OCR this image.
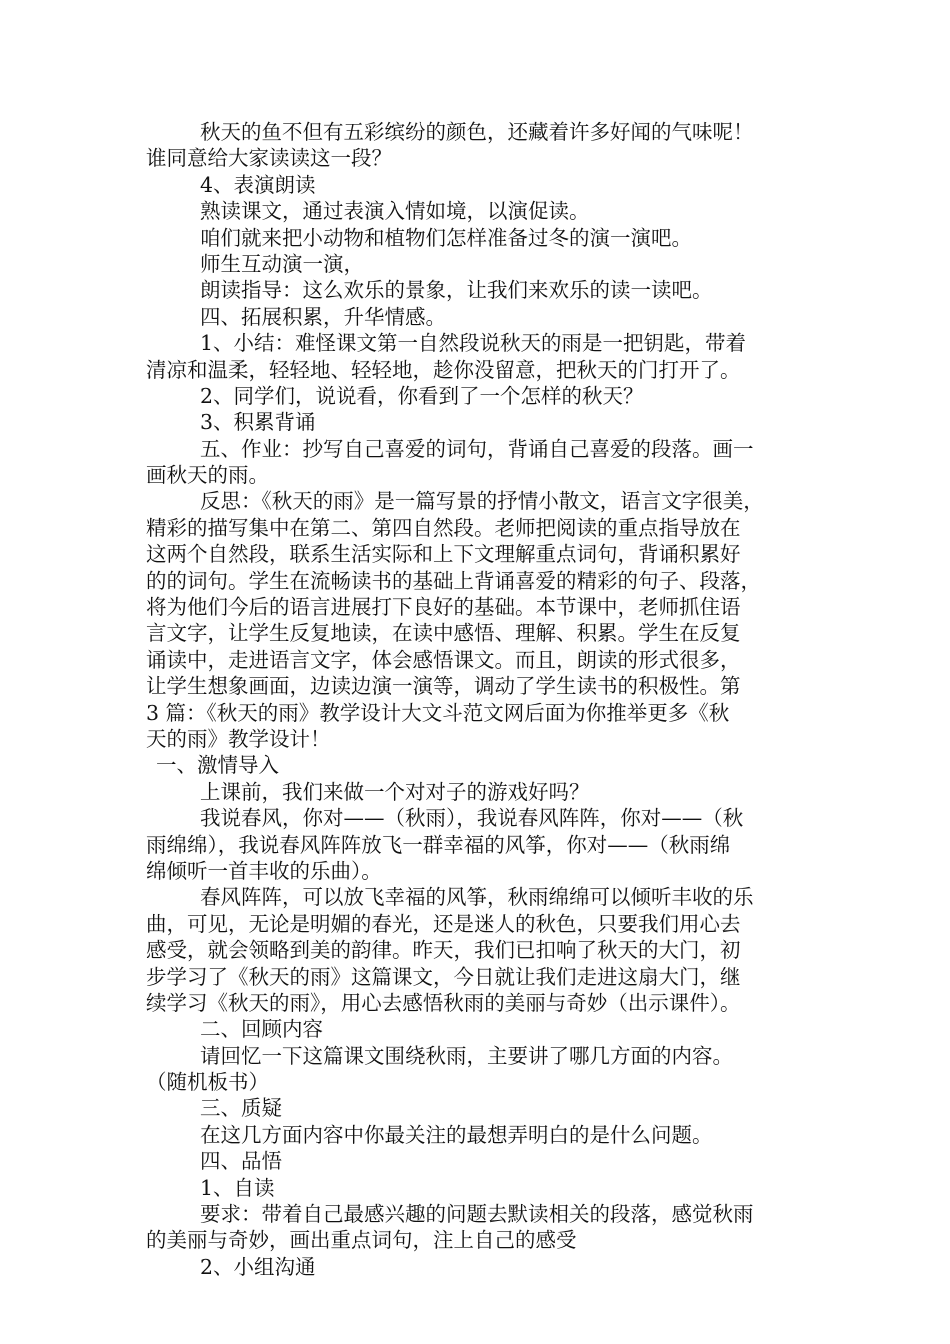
秋天的鱼不但有五彩缤纷的颜色，还藏着许多好闻的气味呢！
谁同意给大家读读这一段？
4、表演朗读
熟读课文，通过表演入情如境，以演促读。
咱们就来把小动物和植物们怎样准备过冬的演一演吧。
师生互动演一演，
朗读指导：这么欢乐的景象，让我们来欢乐的读一读吧。
四、拓展积累，升华情感。
1、小结：难怪课文第一自然段说秋天的雨是一把钥匙，带着
清凉和温柔，轻轻地、轻轻地，趁你没留意，把秋天的门打开了。
2、同学们，说说看，你看到了一个怎样的秋天？
3、积累背诵
五、作业：抄写自己喜爱的词句，背诵自己喜爱的段落。画一
画秋天的雨。
反思：《秋天的雨》是一篇写景的抒情小散文，语言文字很美，
精彩的描写集中在第二、第四自然段。老师把阅读的重点指导放在
这两个自然段，联系生活实际和上下文理解重点词句，背诵积累好
的的词句。学生在流畅读书的基础上背诵喜爱的精彩的句子、段落，
将为他们今后的语言进展打下良好的基础。本节课中，老师抓住语
言文字，让学生反复地读，在读中感悟、理解、积累。学生在反复
诵读中，走进语言文字，体会感悟课文。而且，朗读的形式很多，
让学生想象画面，边读边演一演等，调动了学生读书的积极性。第
3 篇：《秋天的雨》教学设计大文斗范文网后面为你推举更多《秋
天的雨》教学设计！
一、激情导入
上课前，我们来做一个对对子的游戏好吗？
我说春风，你对——（秋雨），我说春风阵阵，你对——（秋
雨绵绵），我说春风阵阵放飞一群幸福的风筝，你对——（秋雨绵
绵倾听一首丰收的乐曲）。
春风阵阵，可以放飞幸福的风筝，秋雨绵绵可以倾听丰收的乐
曲，可见，无论是明媚的春光，还是迷人的秋色，只要我们用心去
感受，就会领略到美的韵律。昨天，我们已扣响了秋天的大门，初
步学习了《秋天的雨》这篇课文，今日就让我们走进这扇大门，继
续学习《秋天的雨》，用心去感悟秋雨的美丽与奇妙（出示课件）。
二、回顾内容
请回忆一下这篇课文围绕秋雨，主要讲了哪几方面的内容。
（随机板书）
三、质疑
在这几方面内容中你最关注的最想弄明白的是什么问题。
四、品悟
1、自读
要求：带着自己最感兴趣的问题去默读相关的段落，感觉秋雨
的美丽与奇妙，画出重点词句，注上自己的感受
2、小组沟通
